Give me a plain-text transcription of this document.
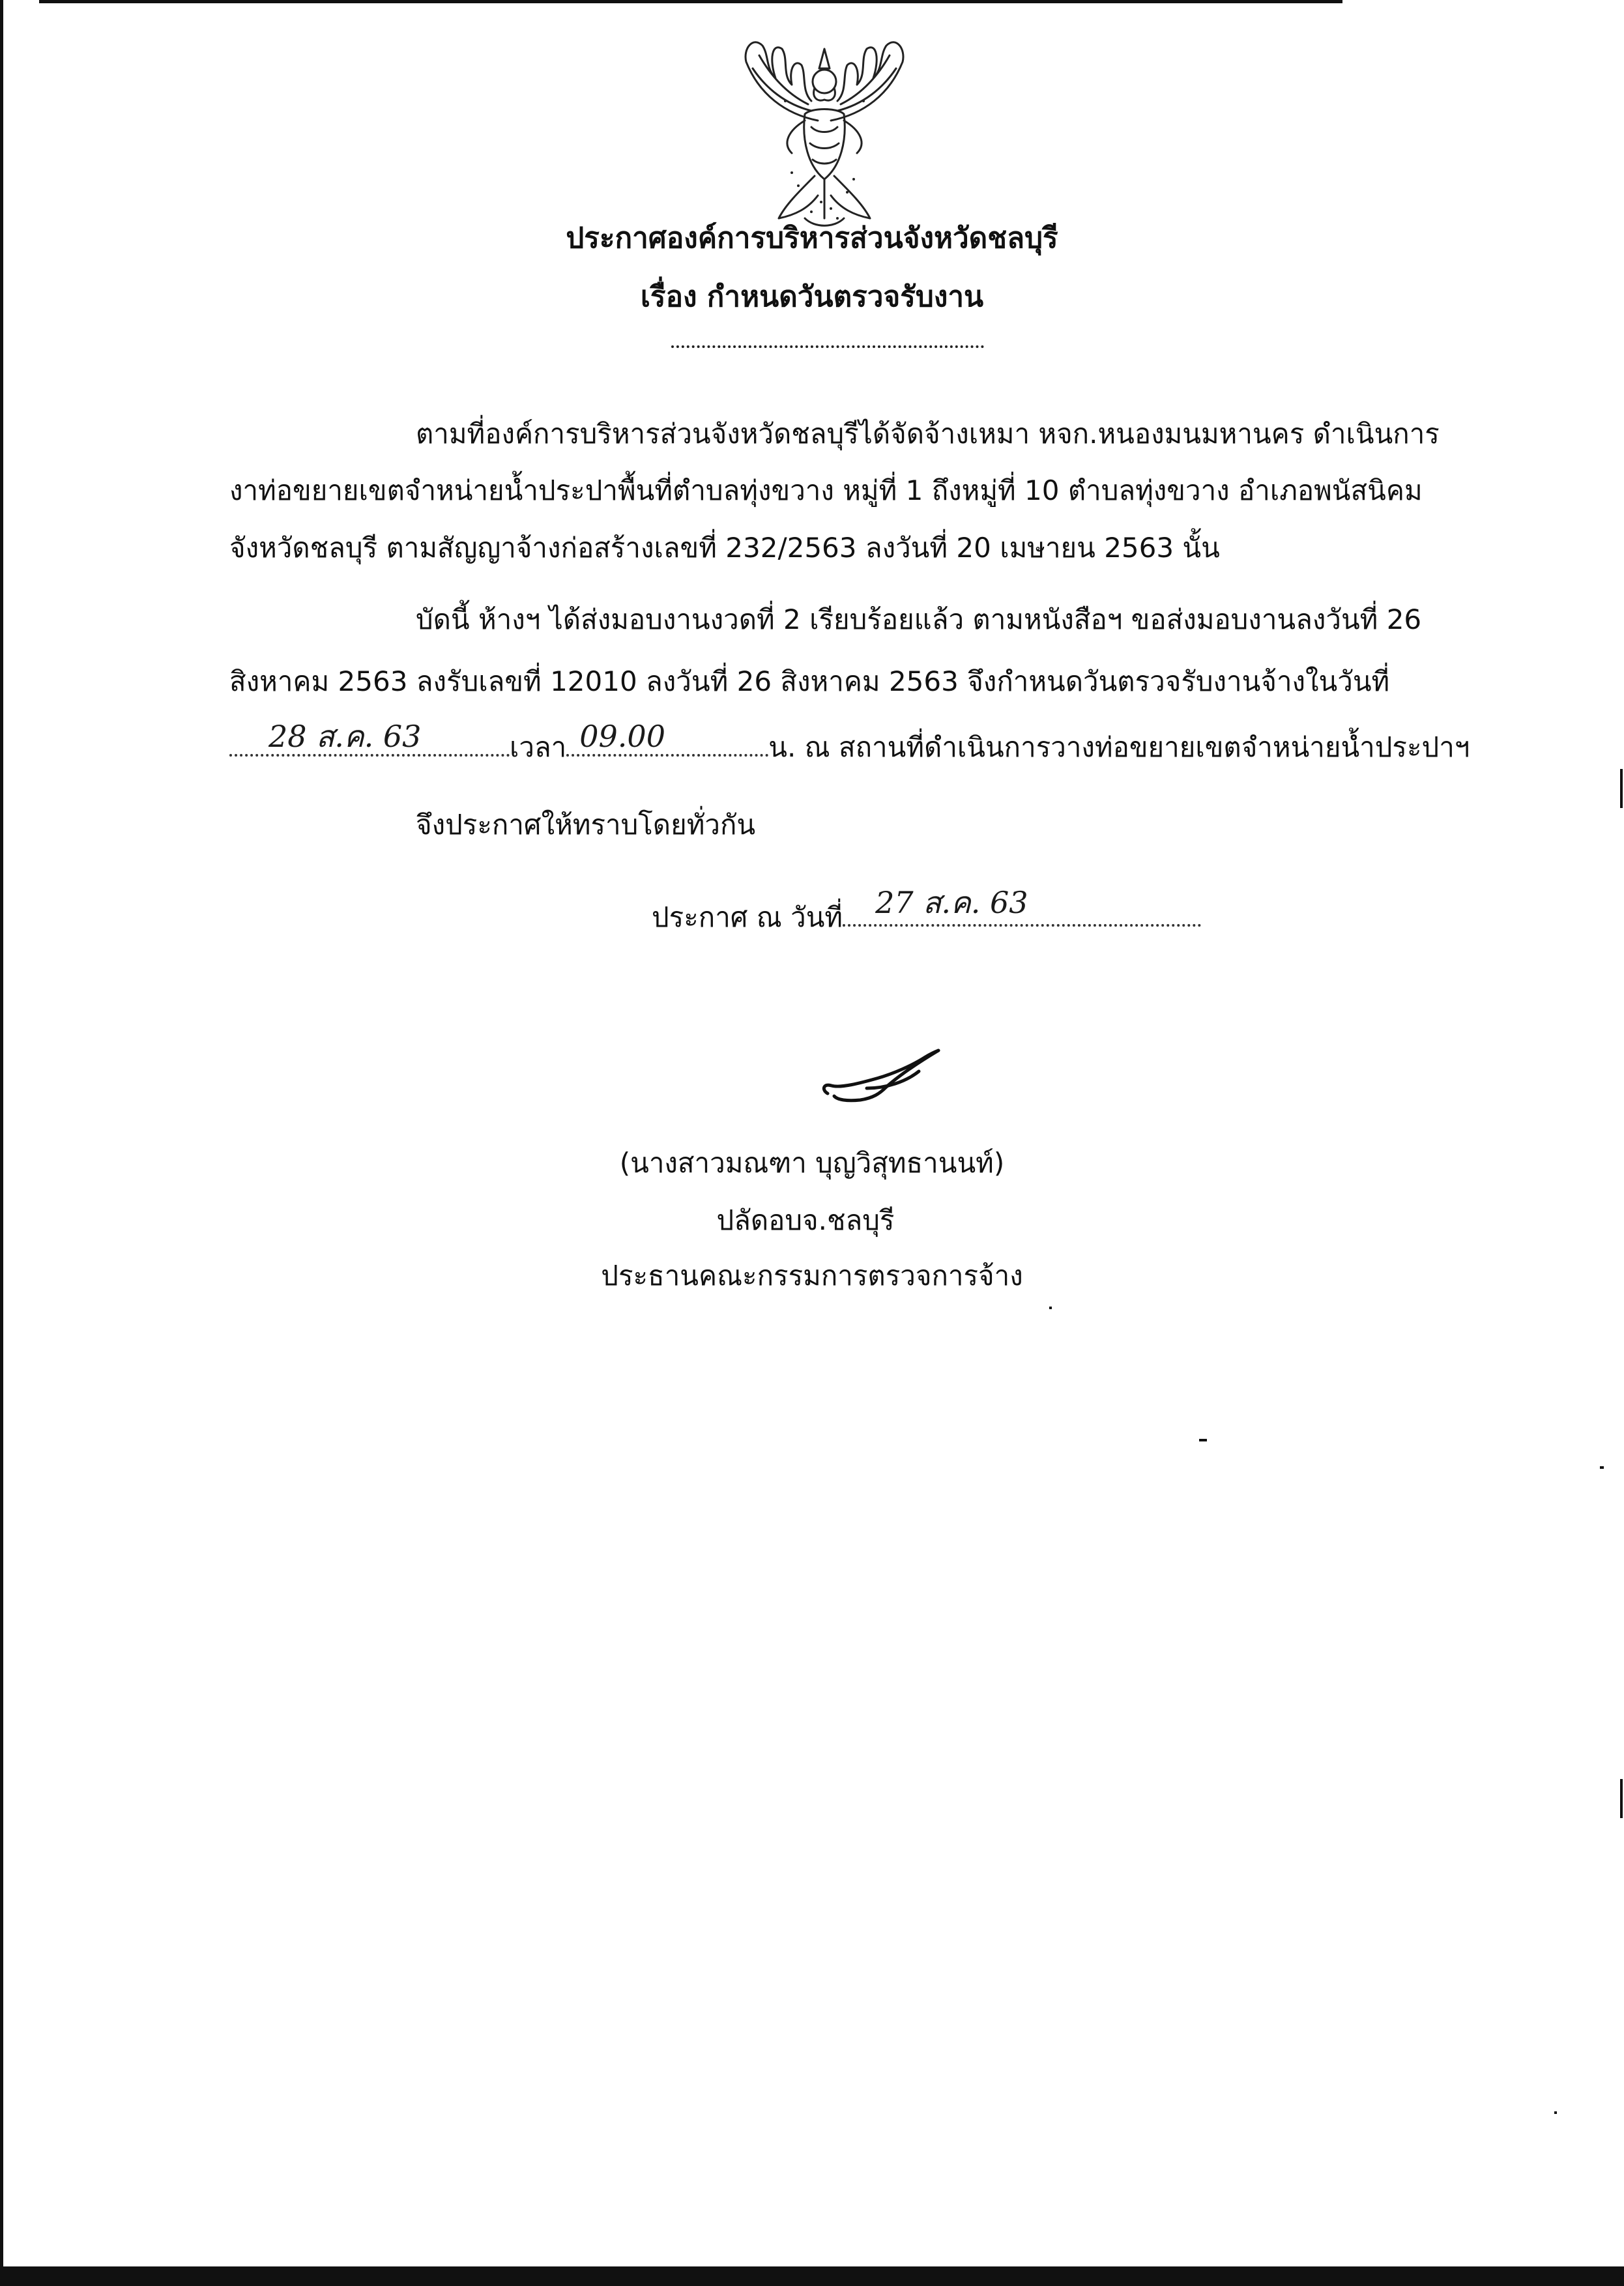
ประกาศองค์การบริหารส่วนจังหวัดชลบุรี
เรื่อง กำหนดวันตรวจรับงาน
ตามที่องค์การบริหารส่วนจังหวัดชลบุรีได้จัดจ้างเหมา หจก.หนองมนมหานคร ดำเนินการ
งาท่อขยายเขตจำหน่ายน้ำประปาพื้นที่ตำบลทุ่งขวาง หมู่ที่ 1 ถึงหมู่ที่ 10 ตำบลทุ่งขวาง อำเภอพนัสนิคม
จังหวัดชลบุรี ตามสัญญาจ้างก่อสร้างเลขที่ 232/2563 ลงวันที่ 20 เมษายน 2563 นั้น
บัดนี้ ห้างฯ ได้ส่งมอบงานงวดที่ 2 เรียบร้อยแล้ว ตามหนังสือฯ ขอส่งมอบงานลงวันที่ 26
สิงหาคม 2563 ลงรับเลขที่ 12010 ลงวันที่ 26 สิงหาคม 2563 จึงกำหนดวันตรวจรับงานจ้างในวันที่
28 ส.ค. 63	เวลา 09.00	น. ณ สถานที่ดำเนินการวางท่อขยายเขตจำหน่ายน้ำประปาฯ
จึงประกาศให้ทราบโดยทั่วกัน
ประกาศ ณ วันที่ 27 ส.ค. 63
(นางสาวมณฑา บุญวิสุทธานนท์)
ปลัดอบจ.ชลบุรี
ประธานคณะกรรมการตรวจการจ้าง
